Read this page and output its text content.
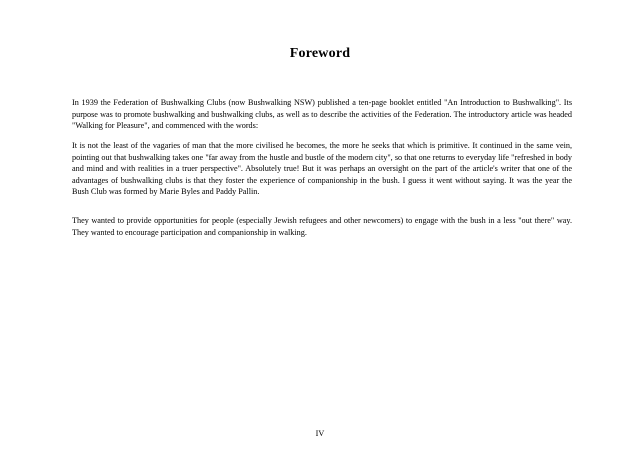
Foreword

In 1939 the Federation of Bushwalking Clubs (now Bushwalking NSW) published a ten-page booklet entitled "An Introduction to Bushwalking". Its purpose was to promote bushwalking and bushwalking clubs, as well as to describe the activities of the Federation. The introductory article was headed "Walking for Pleasure", and commenced with the words:

It is not the least of the vagaries of man that the more civilised he becomes, the more he seeks that which is primitive. It continued in the same vein, pointing out that bushwalking takes one "far away from the hustle and bustle of the modern city", so that one returns to everyday life "refreshed in body and mind and with realities in a truer perspective". Absolutely true! But it was perhaps an oversight on the part of the article's writer that one of the advantages of bushwalking clubs is that they foster the experience of companionship in the bush. I guess it went without saying. It was the year the Bush Club was formed by Marie Byles and Paddy Pallin.

They wanted to provide opportunities for people (especially Jewish refugees and other newcomers) to engage with the bush in a less "out there" way. They wanted to encourage participation and companionship in walking.

IV
